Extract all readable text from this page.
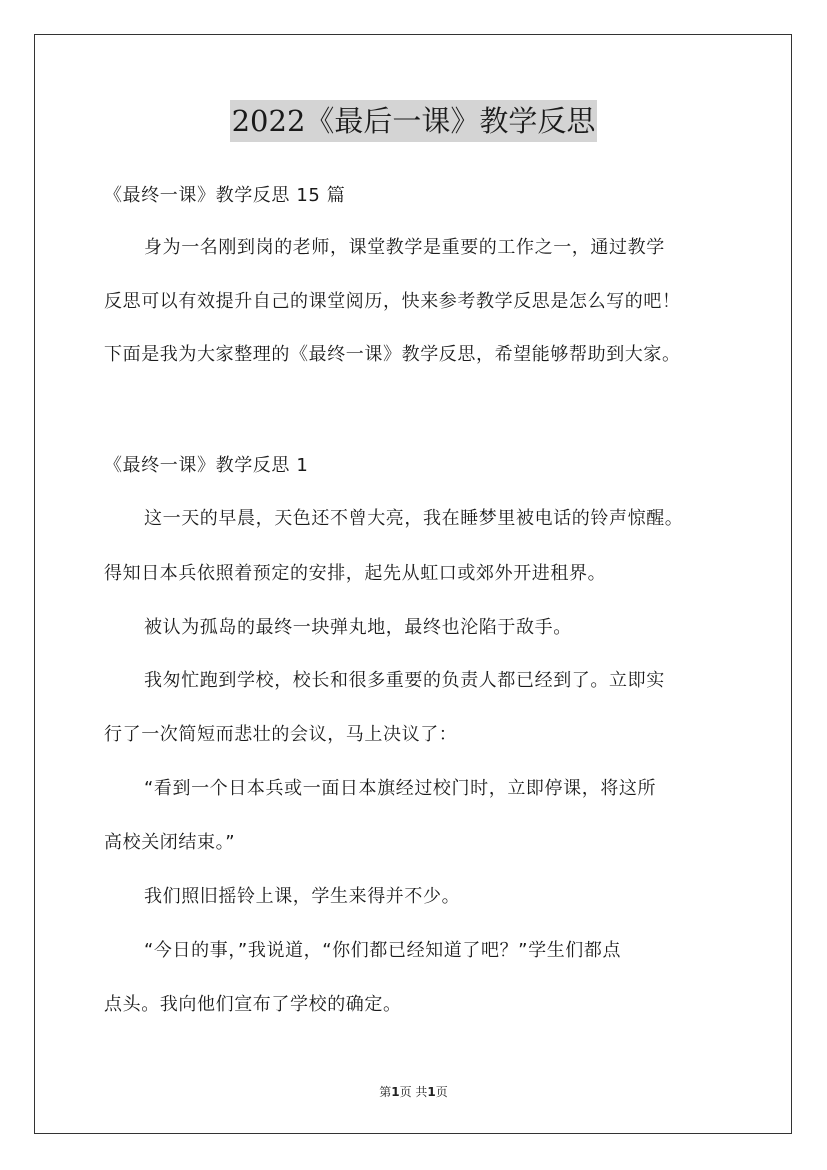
2022《最后一课》教学反思
《最终一课》教学反思 15 篇
身为一名刚到岗的老师，课堂教学是重要的工作之一，通过教学
反思可以有效提升自己的课堂阅历，快来参考教学反思是怎么写的吧！
下面是我为大家整理的《最终一课》教学反思，希望能够帮助到大家。
《最终一课》教学反思 1
这一天的早晨，天色还不曾大亮，我在睡梦里被电话的铃声惊醒。
得知日本兵依照着预定的安排，起先从虹口或郊外开进租界。
被认为孤岛的最终一块弹丸地，最终也沦陷于敌手。
我匆忙跑到学校，校长和很多重要的负责人都已经到了。立即实
行了一次简短而悲壮的会议，马上决议了：
“看到一个日本兵或一面日本旗经过校门时，立即停课，将这所
高校关闭结束。”
我们照旧摇铃上课，学生来得并不少。
“今日的事，”我说道，“你们都已经知道了吧？”学生们都点
点头。我向他们宣布了学校的确定。
第1页 共1页
